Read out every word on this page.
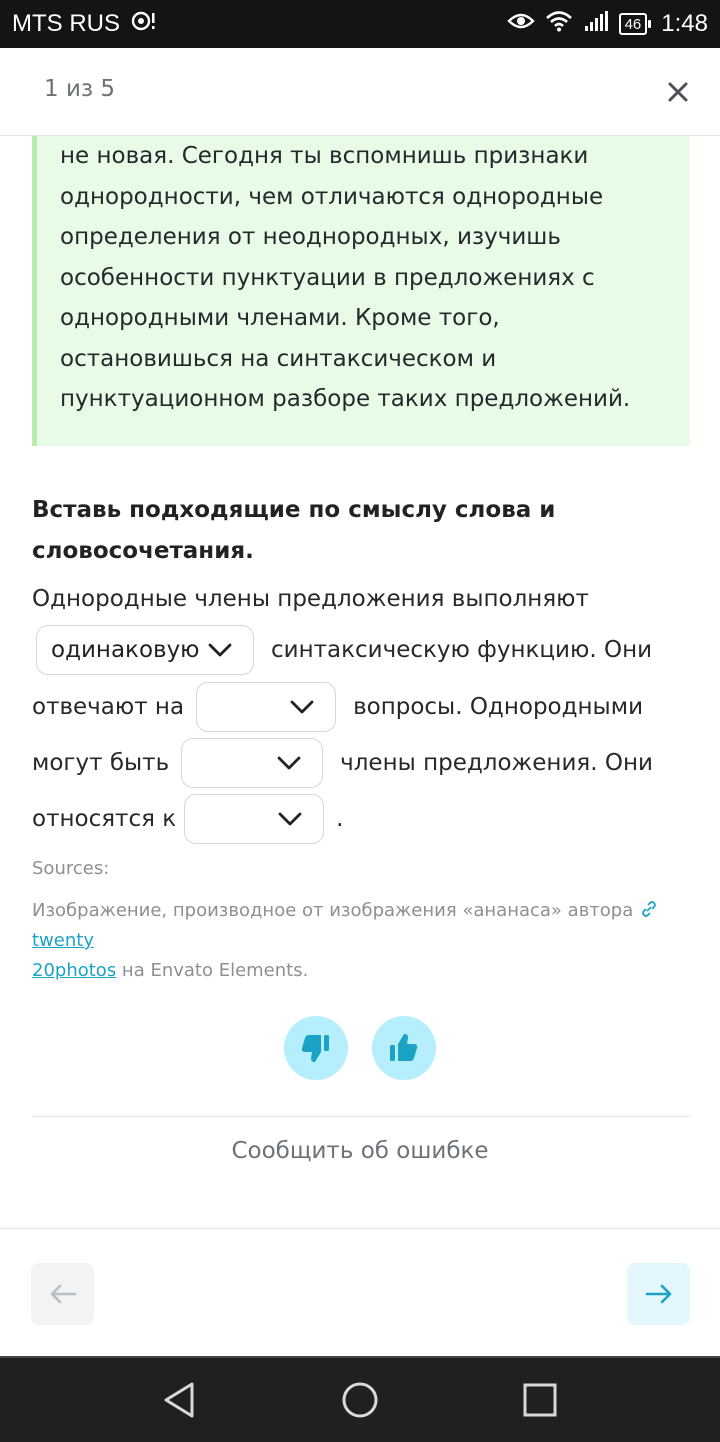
MTS RUS	46 1:48
1 из 5

не новая. Сегодня ты вспомнишь признаки
однородности, чем отличаются однородные
определения от неоднородных, изучишь
особенности пунктуации в предложениях с
однородными членами. Кроме того,
остановишься на синтаксическом и
пунктуационном разборе таких предложений.

Вставь подходящие по смыслу слова и
словосочетания.

Однородные члены предложения выполняют
одинаковую	синтаксическую функцию. Они
отвечают на	вопросы. Однородными
могут быть	члены предложения. Они
относятся к	.
Sources:
Изображение, производное от изображения «ананаса» автора twenty
20photos на Envato Elements.
Сообщить об ошибке
